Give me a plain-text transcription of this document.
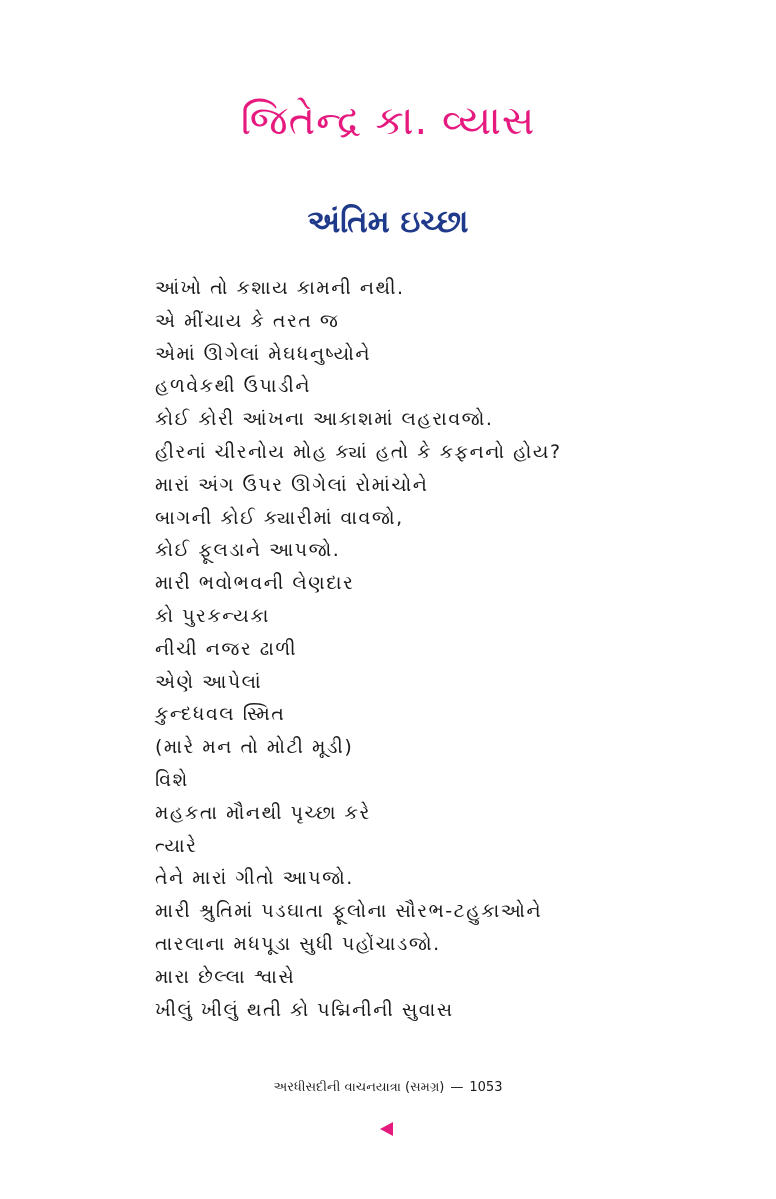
જિતેન્દ્ર કા. વ્યાસ
અંતિમ ઇચ્છા
આંખો તો કશાય કામની નથી.
એ મીંચાય કે તરત જ
એમાં ઊગેલાં મેઘધનુષ્યોને
હળવેકથી ઉપાડીને
કોઈ કોરી આંખના આકાશમાં લહરાવજો.
હીરનાં ચીરનોય મોહ ક્યાં હતો કે કફનનો હોય?
મારાં અંગ ઉપર ઊગેલાં રોમાંચોને
બાગની કોઈ ક્યારીમાં વાવજો,
કોઈ ફૂલડાને આપજો.
મારી ભવોભવની લેણદાર
કો પુરકન્યકા
નીચી નજર ઢાળી
એણે આપેલાં
કુન્દધવલ સ્મિત
(મારે મન તો મોટી મૂડી)
વિશે
મહકતા મૌનથી પૃચ્છા કરે
ત્યારે
તેને મારાં ગીતો આપજો.
મારી શ્રુતિમાં પડઘાતા ફૂલોના સૌરભ-ટહુકાઓને
તારલાના મધપૂડા સુધી પહોંચાડજો.
મારા છેલ્લા શ્વાસે
ખીલું ખીલું થતી કો પદ્મિનીની સુવાસ
અરધીસદીની વાચનયાત્રા (સમગ્ર) — 1053
